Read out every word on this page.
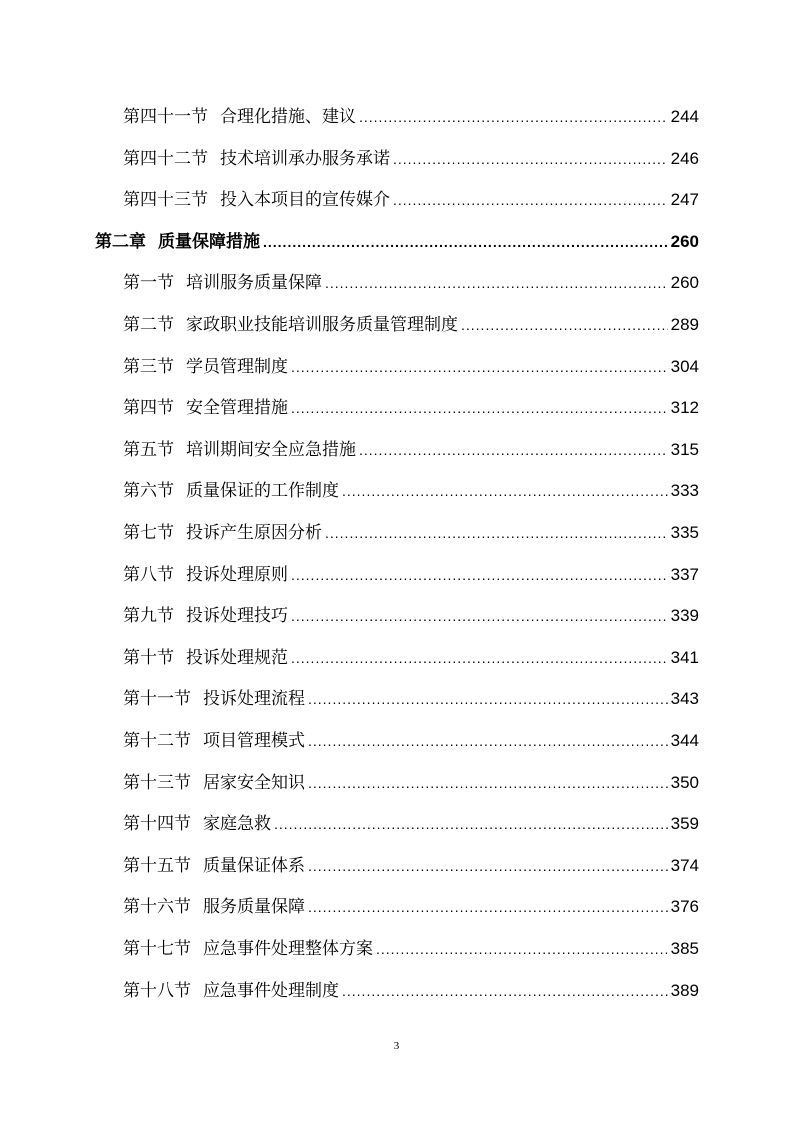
第四十一节 合理化措施、建议 .....	244
第四十二节 技术培训承办服务承诺 .....	246
第四十三节 投入本项目的宣传媒介 .....	247
第二章 质量保障措施 .....	260
第一节 培训服务质量保障 .....	260
第二节 家政职业技能培训服务质量管理制度 .....	289
第三节 学员管理制度 .....	304
第四节 安全管理措施 .....	312
第五节 培训期间安全应急措施 .....	315
第六节 质量保证的工作制度 .....	333
第七节 投诉产生原因分析 .....	335
第八节 投诉处理原则 .....	337
第九节 投诉处理技巧 .....	339
第十节 投诉处理规范 .....	341
第十一节 投诉处理流程 .....	343
第十二节 项目管理模式 .....	344
第十三节 居家安全知识 .....	350
第十四节 家庭急救 .....	359
第十五节 质量保证体系 .....	374
第十六节 服务质量保障 .....	376
第十七节 应急事件处理整体方案 .....	385
第十八节 应急事件处理制度 .....	389
3
